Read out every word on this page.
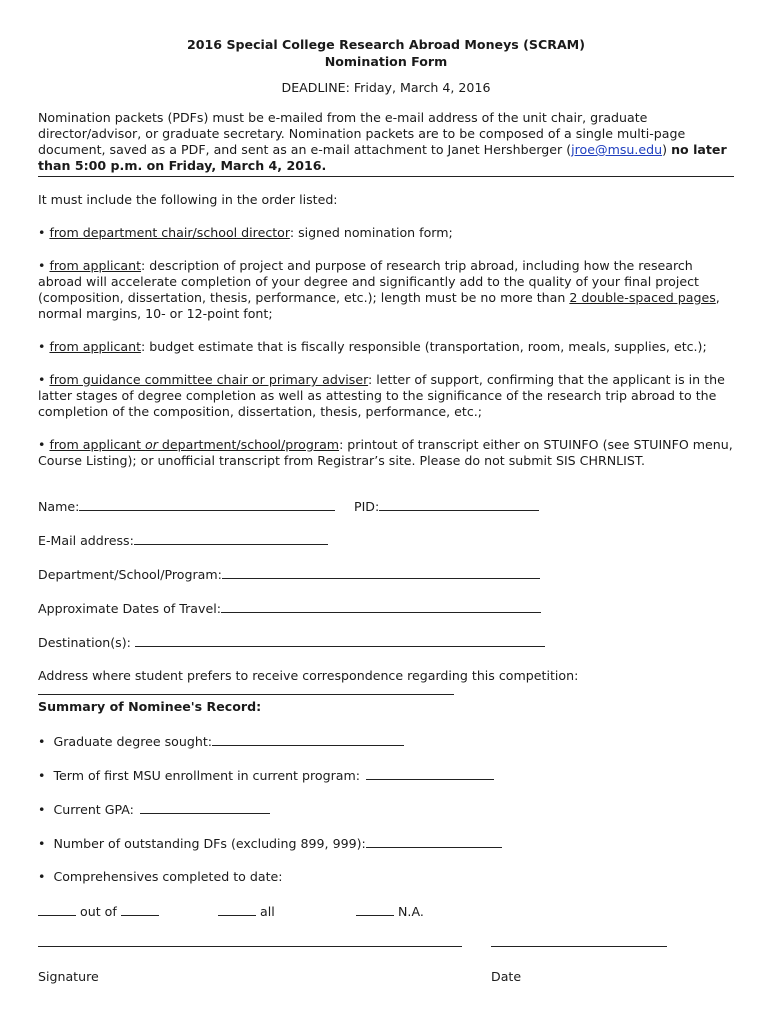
2016 Special College Research Abroad Moneys (SCRAM)
Nomination Form
DEADLINE: Friday, March 4, 2016
Nomination packets (PDFs) must be e-mailed from the e-mail address of the unit chair, graduate director/advisor, or graduate secretary. Nomination packets are to be composed of a single multi-page document, saved as a PDF, and sent as an e-mail attachment to Janet Hershberger (jroe@msu.edu) no later than 5:00 p.m. on Friday, March 4, 2016.
It must include the following in the order listed:
• from department chair/school director: signed nomination form;
• from applicant: description of project and purpose of research trip abroad, including how the research abroad will accelerate completion of your degree and significantly add to the quality of your final project (composition, dissertation, thesis, performance, etc.); length must be no more than 2 double-spaced pages, normal margins, 10- or 12-point font;
• from applicant: budget estimate that is fiscally responsible (transportation, room, meals, supplies, etc.);
• from guidance committee chair or primary adviser: letter of support, confirming that the applicant is in the latter stages of degree completion as well as attesting to the significance of the research trip abroad to the completion of the composition, dissertation, thesis, performance, etc.;
• from applicant or department/school/program: printout of transcript either on STUINFO (see STUINFO menu, Course Listing); or unofficial transcript from Registrar’s site. Please do not submit SIS CHRNLIST.
Name:	PID:
E-Mail address:
Department/School/Program:
Approximate Dates of Travel:
Destination(s):
Address where student prefers to receive correspondence regarding this competition:
Summary of Nominee's Record:
•  Graduate degree sought:
•  Term of first MSU enrollment in current program:
•  Current GPA:
•  Number of outstanding DFs (excluding 899, 999):
•  Comprehensives completed to date:
out of	all	N.A.
Signature	Date
